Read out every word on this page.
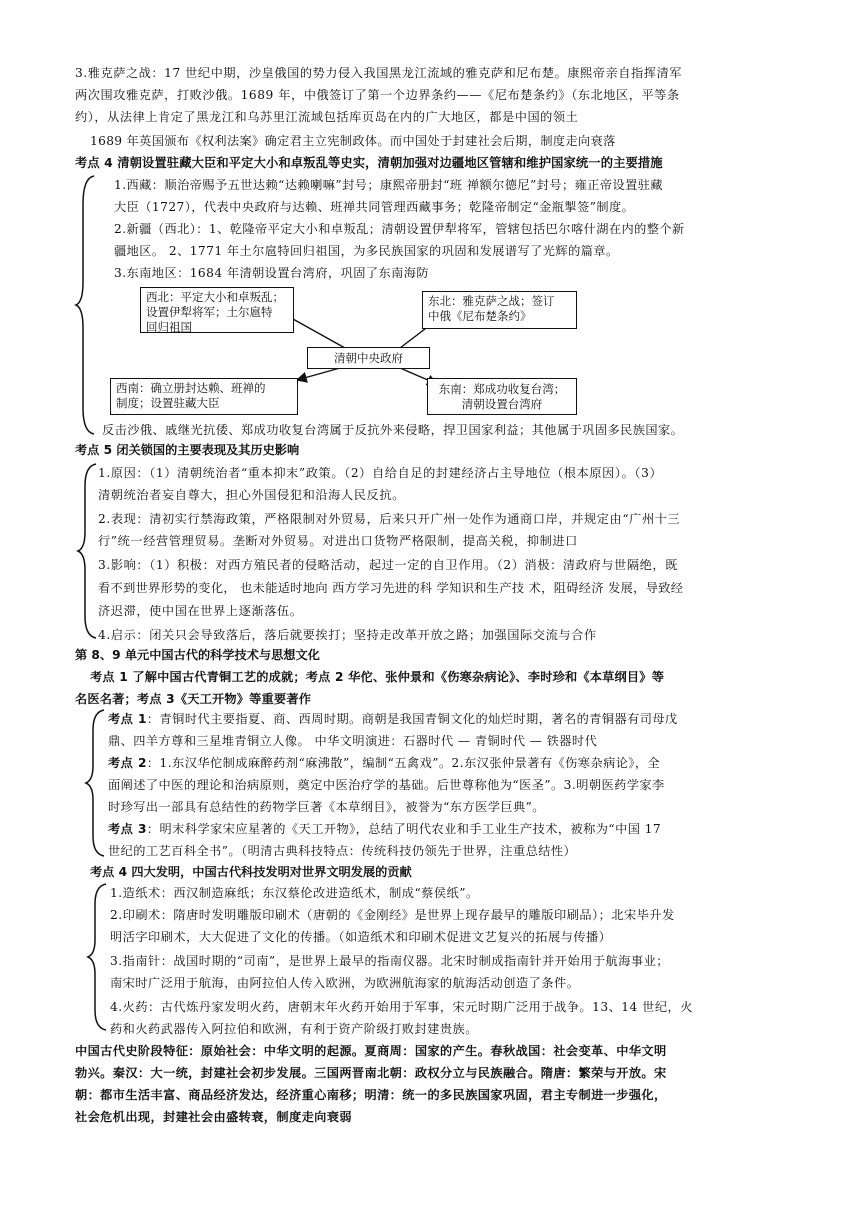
3.雅克萨之战：17 世纪中期，沙皇俄国的势力侵入我国黑龙江流域的雅克萨和尼布楚。康熙帝亲自指挥清军
两次围攻雅克萨，打败沙俄。1689 年，中俄签订了第一个边界条约——《尼布楚条约》（东北地区，平等条
约），从法律上肯定了黑龙江和乌苏里江流域包括库页岛在内的广大地区，都是中国的领土
1689 年英国颁布《权利法案》确定君主立宪制政体。而中国处于封建社会后期，制度走向衰落
考点 4 清朝设置驻藏大臣和平定大小和卓叛乱等史实，清朝加强对边疆地区管辖和维护国家统一的主要措施
1.西藏：顺治帝赐予五世达赖“达赖喇嘛”封号；康熙帝册封“班 禅额尔德尼”封号；雍正帝设置驻藏
大臣（1727），代表中央政府与达赖、班禅共同管理西藏事务；乾隆帝制定“金瓶掣签”制度。
2.新疆（西北）：1、乾隆帝平定大小和卓叛乱；清朝设置伊犁将军，管辖包括巴尔喀什湖在内的整个新
疆地区。 2、1771 年土尔扈特回归祖国，为多民族国家的巩固和发展谱写了光辉的篇章。
3.东南地区：1684 年清朝设置台湾府，巩固了东南海防
西北：平定大小和卓叛乱；
设置伊犁将军；土尔扈特
回归祖国
东北：雅克萨之战；签订
中俄《尼布楚条约》
清朝中央政府
西南：确立册封达赖、班禅的
制度；设置驻藏大臣
东南：郑成功收复台湾；
清朝设置台湾府
反击沙俄、戚继光抗倭、郑成功收复台湾属于反抗外来侵略，捍卫国家利益；其他属于巩固多民族国家。
考点 5 闭关锁国的主要表现及其历史影响
1.原因：（1）清朝统治者“重本抑末”政策。（2）自给自足的封建经济占主导地位（根本原因）。（3）
清朝统治者妄自尊大，担心外国侵犯和沿海人民反抗。
2.表现：清初实行禁海政策，严格限制对外贸易，后来只开广州一处作为通商口岸，并规定由“广州十三
行”统一经营管理贸易。垄断对外贸易。对进出口货物严格限制，提高关税，抑制进口
3.影响：（1）积极：对西方殖民者的侵略活动，起过一定的自卫作用。（2）消极：清政府与世隔绝，既
看不到世界形势的变化， 也未能适时地向 西方学习先进的科 学知识和生产技 术，阻碍经济 发展，导致经
济迟滞，使中国在世界上逐渐落伍。
4.启示：闭关只会导致落后，落后就要挨打；坚持走改革开放之路；加强国际交流与合作
第 8、9 单元中国古代的科学技术与思想文化
考点 1 了解中国古代青铜工艺的成就；考点 2 华佗、张仲景和《伤寒杂病论》、李时珍和《本草纲目》等
名医名著；考点 3《天工开物》等重要著作
考点 1：青铜时代主要指夏、商、西周时期。商朝是我国青铜文化的灿烂时期，著名的青铜器有司母戊
鼎、四羊方尊和三星堆青铜立人像。 中华文明演进：石器时代 — 青铜时代 — 铁器时代
考点 2：1.东汉华佗制成麻醉药剂“麻沸散”，编制“五禽戏”。2.东汉张仲景著有《伤寒杂病论》，全
面阐述了中医的理论和治病原则，奠定中医治疗学的基础。后世尊称他为“医圣”。3.明朝医药学家李
时珍写出一部具有总结性的药物学巨著《本草纲目》，被誉为“东方医学巨典”。
考点 3：明末科学家宋应星著的《天工开物》，总结了明代农业和手工业生产技术，被称为“中国 17
世纪的工艺百科全书”。（明清古典科技特点：传统科技仍领先于世界，注重总结性）
考点 4 四大发明，中国古代科技发明对世界文明发展的贡献
1.造纸术：西汉制造麻纸；东汉蔡伦改进造纸术，制成“蔡侯纸”。
2.印刷术：隋唐时发明雕版印刷术（唐朝的《金刚经》是世界上现存最早的雕版印刷品）；北宋毕升发
明活字印刷术，大大促进了文化的传播。（如造纸术和印刷术促进文艺复兴的拓展与传播）
3.指南针：战国时期的“司南”，是世界上最早的指南仪器。北宋时制成指南针并开始用于航海事业；
南宋时广泛用于航海，由阿拉伯人传入欧洲，为欧洲航海家的航海活动创造了条件。
4.火药：古代炼丹家发明火药，唐朝末年火药开始用于军事，宋元时期广泛用于战争。13、14 世纪，火
药和火药武器传入阿拉伯和欧洲，有利于资产阶级打败封建贵族。
中国古代史阶段特征：原始社会：中华文明的起源。夏商周：国家的产生。春秋战国：社会变革、中华文明
勃兴。秦汉：大一统，封建社会初步发展。三国两晋南北朝：政权分立与民族融合。隋唐：繁荣与开放。宋
朝：都市生活丰富、商品经济发达，经济重心南移；明清：统一的多民族国家巩固，君主专制进一步强化，
社会危机出现，封建社会由盛转衰，制度走向衰弱
